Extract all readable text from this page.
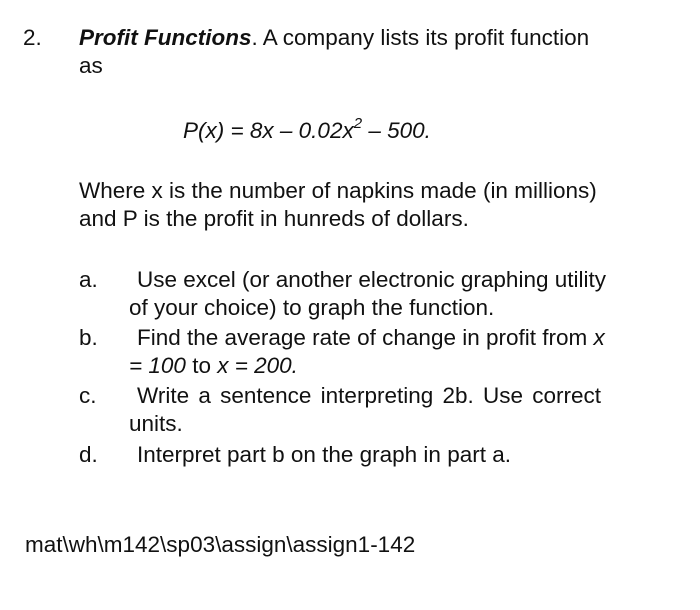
2. Profit Functions. A company lists its profit function
as
$P(x) = 8x - 0.02x^2 - 500$.
Where x is the number of napkins made (in millions)
and P is the profit in hunreds of dollars.
a. Use excel (or another electronic graphing utility
of your choice) to graph the function.
b. Find the average rate of change in profit from x
= 100 to x = 200.
c. Write a sentence interpreting 2b. Use correct
units.
d. Interpret part b on the graph in part a.
mat\wh\m142\sp03\assign\assign1-142
